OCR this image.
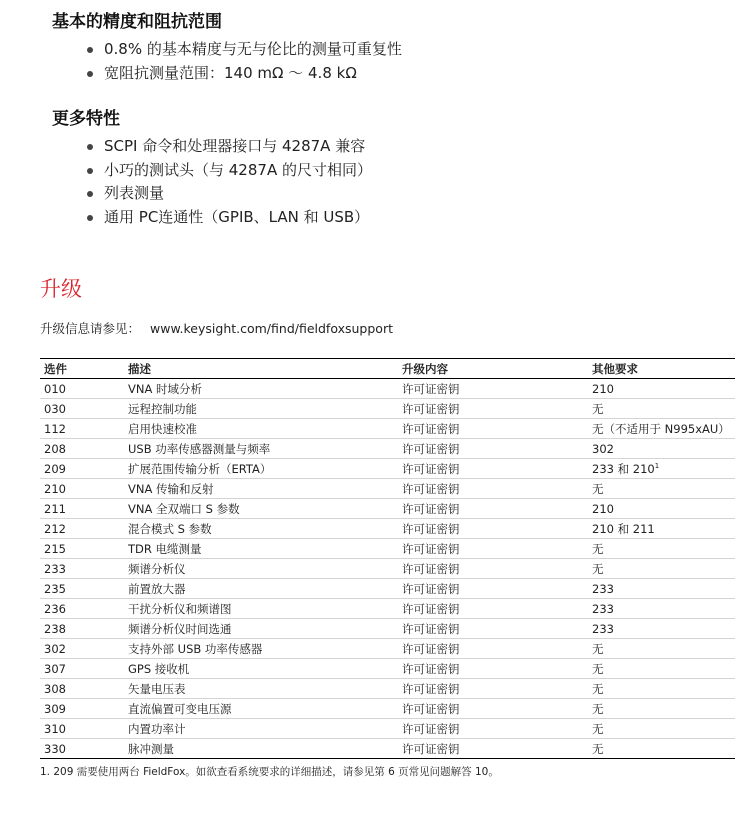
基本的精度和阻抗范围
0.8% 的基本精度与无与伦比的测量可重复性
宽阻抗测量范围：140 mΩ ～ 4.8 kΩ
更多特性
SCPI 命令和处理器接口与 4287A 兼容
小巧的测试头（与 4287A 的尺寸相同）
列表测量
通用 PC连通性（GPIB、LAN 和 USB）
升级
升级信息请参见： www.keysight.com/find/fieldfoxsupport
选件	描述	升级内容	其他要求
010	VNA 时域分析	许可证密钥	210
030	远程控制功能	许可证密钥	无
112	启用快速校准	许可证密钥	无（不适用于 N995xAU）
208	USB 功率传感器测量与频率	许可证密钥	302
209	扩展范围传输分析（ERTA）	许可证密钥	233 和 210$^1$
210	VNA 传输和反射	许可证密钥	无
211	VNA 全双端口 S 参数	许可证密钥	210
212	混合模式 S 参数	许可证密钥	210 和 211
215	TDR 电缆测量	许可证密钥	无
233	频谱分析仪	许可证密钥	无
235	前置放大器	许可证密钥	233
236	干扰分析仪和频谱图	许可证密钥	233
238	频谱分析仪时间选通	许可证密钥	233
302	支持外部 USB 功率传感器	许可证密钥	无
307	GPS 接收机	许可证密钥	无
308	矢量电压表	许可证密钥	无
309	直流偏置可变电压源	许可证密钥	无
310	内置功率计	许可证密钥	无
330	脉冲测量	许可证密钥	无
1. 209 需要使用两台 FieldFox。如欲查看系统要求的详细描述，请参见第 6 页常见问题解答 10。
